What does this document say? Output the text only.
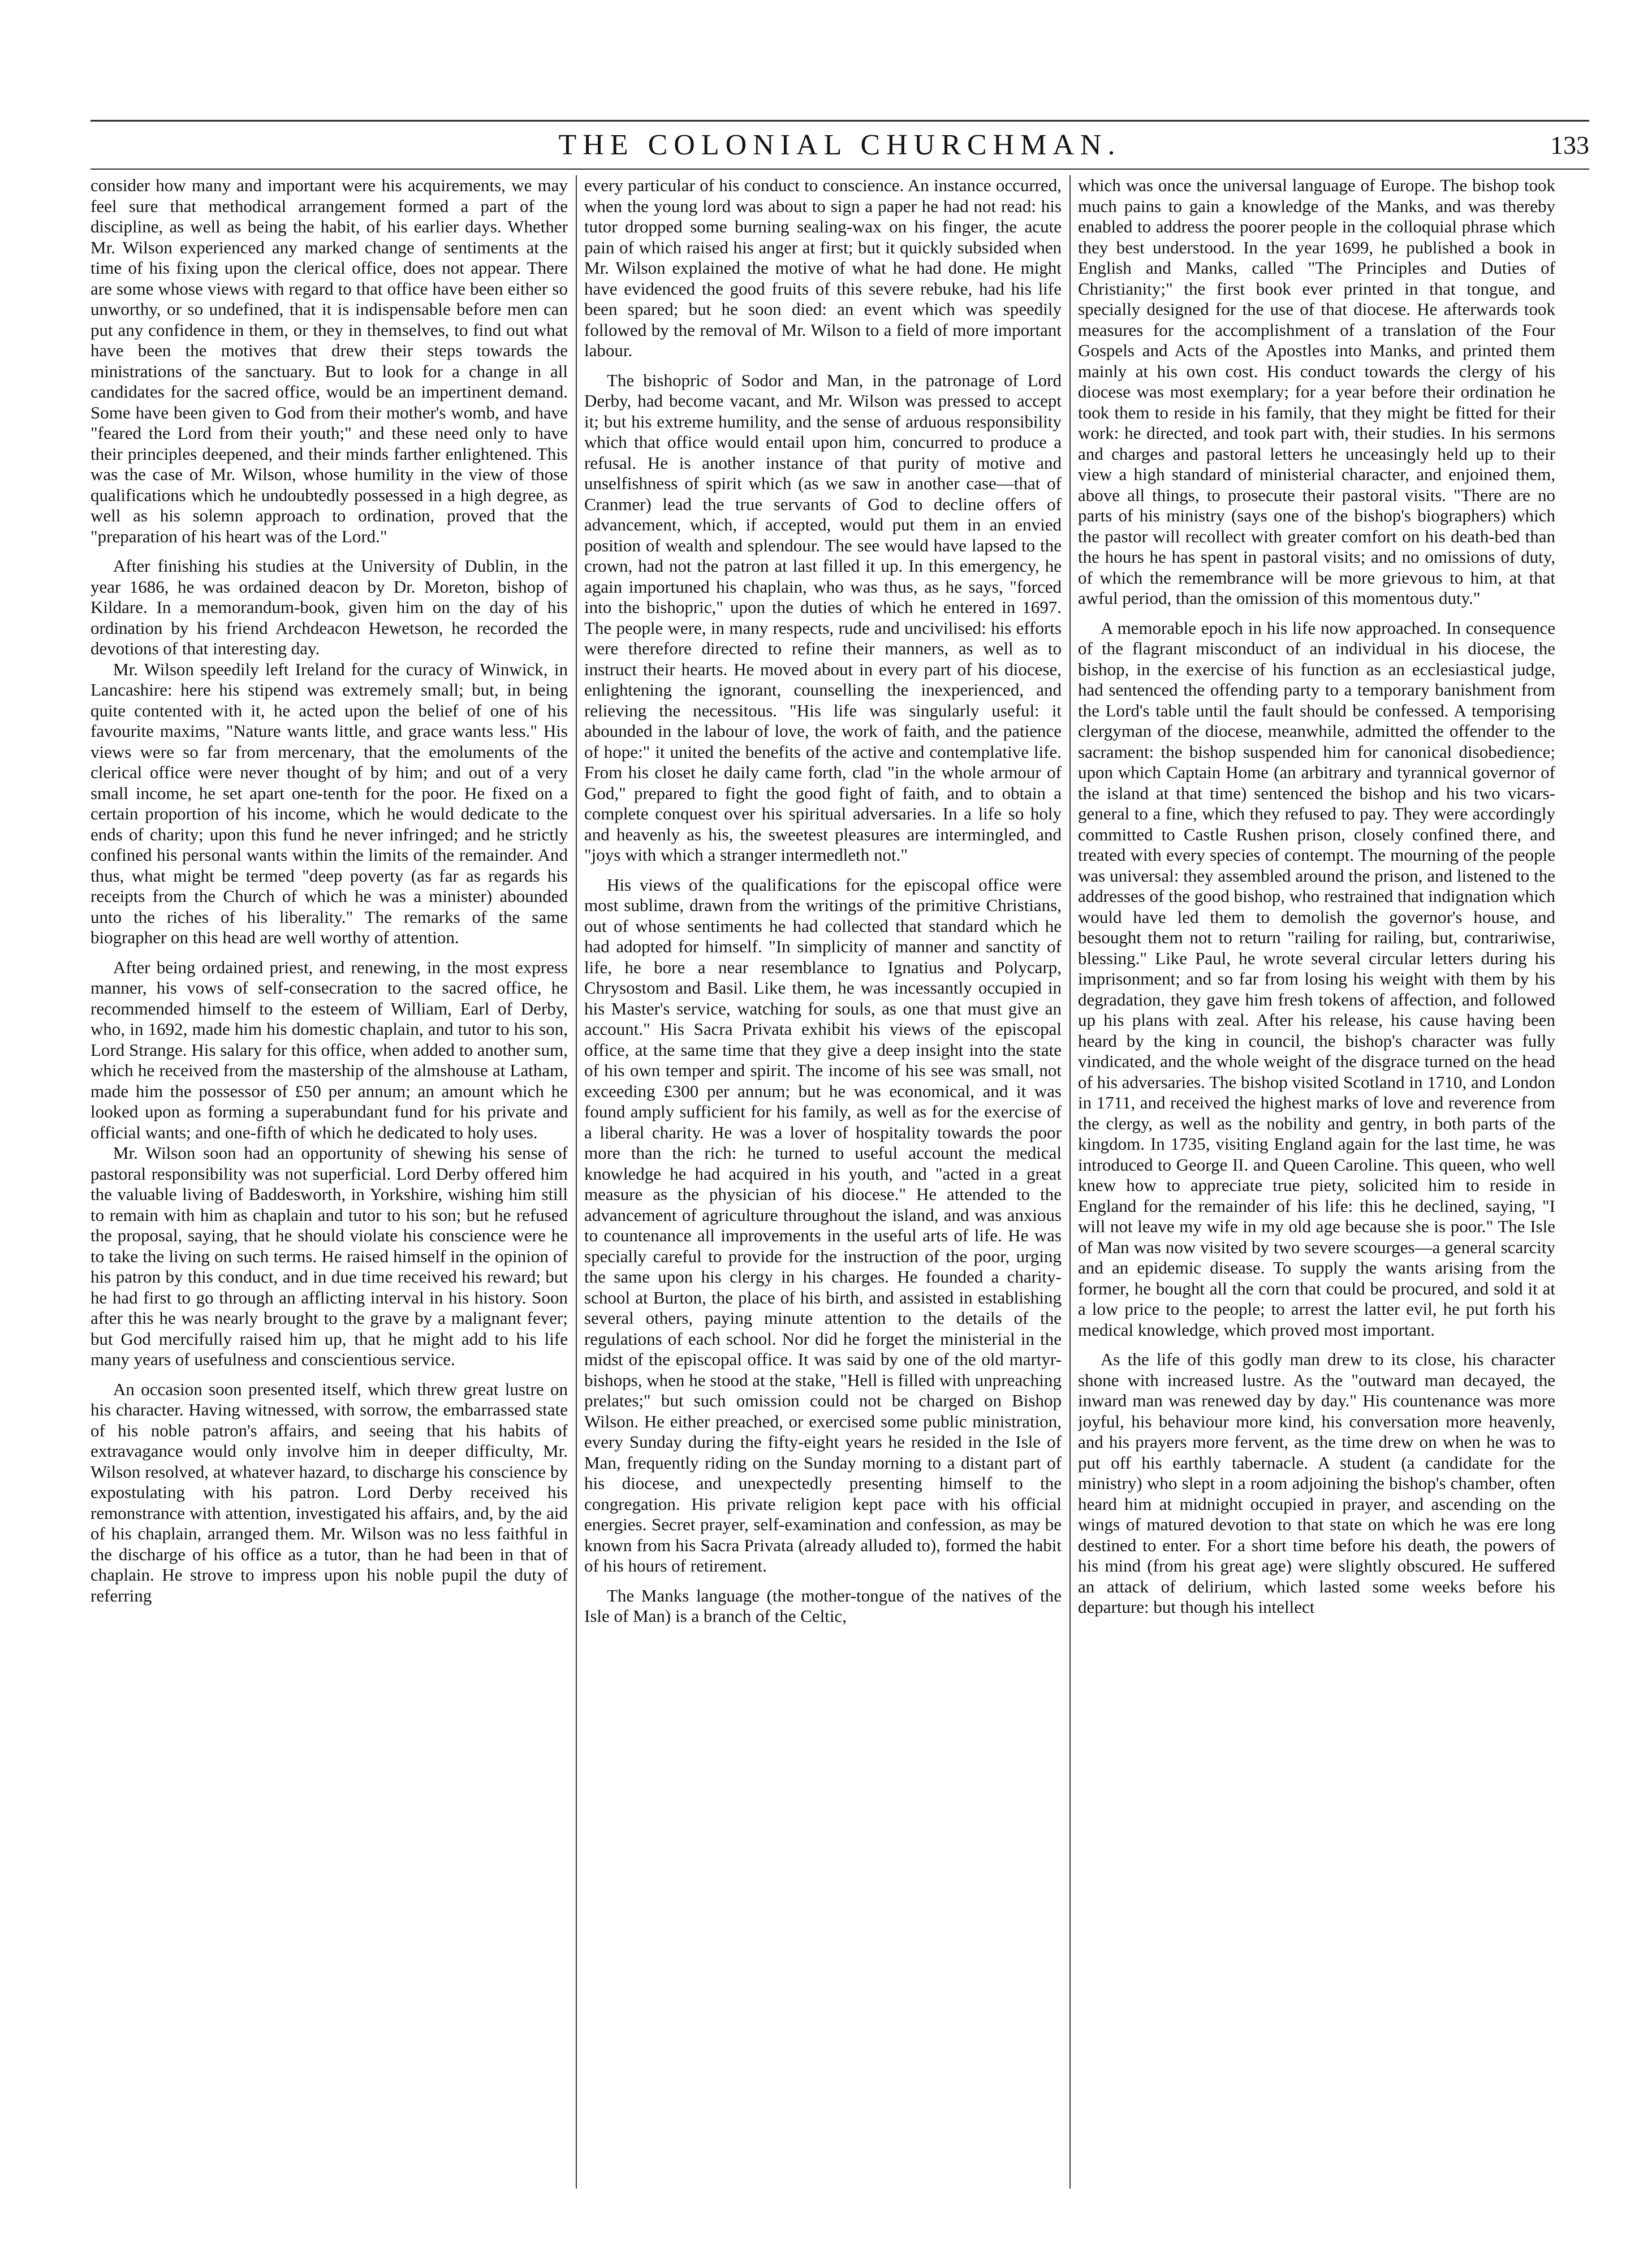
THE COLONIAL CHURCHMAN.	133

consider how many and important were his acquirements, we may feel sure that methodical arrangement formed a part of the discipline, as well as being the habit, of his earlier days. Whether Mr. Wilson experienced any marked change of sentiments at the time of his fixing upon the clerical office, does not appear. There are some whose views with regard to that office have been either so unworthy, or so undefined, that it is indispensable before men can put any confidence in them, or they in themselves, to find out what have been the motives that drew their steps towards the ministrations of the sanctuary. But to look for a change in all candidates for the sacred office, would be an impertinent demand. Some have been given to God from their mother's womb, and have "feared the Lord from their youth;" and these need only to have their principles deepened, and their minds farther enlightened. This was the case of Mr. Wilson, whose humility in the view of those qualifications which he undoubtedly possessed in a high degree, as well as his solemn approach to ordination, proved that the "preparation of his heart was of the Lord."

After finishing his studies at the University of Dublin, in the year 1686, he was ordained deacon by Dr. Moreton, bishop of Kildare. In a memorandum-book, given him on the day of his ordination by his friend Archdeacon Hewetson, he recorded the devotions of that interesting day.

Mr. Wilson speedily left Ireland for the curacy of Winwick, in Lancashire: here his stipend was extremely small; but, in being quite contented with it, he acted upon the belief of one of his favourite maxims, "Nature wants little, and grace wants less." His views were so far from mercenary, that the emoluments of the clerical office were never thought of by him; and out of a very small income, he set apart one-tenth for the poor. He fixed on a certain proportion of his income, which he would dedicate to the ends of charity; upon this fund he never infringed; and he strictly confined his personal wants within the limits of the remainder. And thus, what might be termed "deep poverty (as far as regards his receipts from the Church of which he was a minister) abounded unto the riches of his liberality." The remarks of the same biographer on this head are well worthy of attention.

After being ordained priest, and renewing, in the most express manner, his vows of self-consecration to the sacred office, he recommended himself to the esteem of William, Earl of Derby, who, in 1692, made him his domestic chaplain, and tutor to his son, Lord Strange. His salary for this office, when added to another sum, which he received from the mastership of the almshouse at Latham, made him the possessor of £50 per annum; an amount which he looked upon as forming a superabundant fund for his private and official wants; and one-fifth of which he dedicated to holy uses.

Mr. Wilson soon had an opportunity of shewing his sense of pastoral responsibility was not superficial. Lord Derby offered him the valuable living of Baddesworth, in Yorkshire, wishing him still to remain with him as chaplain and tutor to his son; but he refused the proposal, saying, that he should violate his conscience were he to take the living on such terms. He raised himself in the opinion of his patron by this conduct, and in due time received his reward; but he had first to go through an afflicting interval in his history. Soon after this he was nearly brought to the grave by a malignant fever; but God mercifully raised him up, that he might add to his life many years of usefulness and conscientious service.

An occasion soon presented itself, which threw great lustre on his character. Having witnessed, with sorrow, the embarrassed state of his noble patron's affairs, and seeing that his habits of extravagance would only involve him in deeper difficulty, Mr. Wilson resolved, at whatever hazard, to discharge his conscience by expostulating with his patron. Lord Derby received his remonstrance with attention, investigated his affairs, and, by the aid of his chaplain, arranged them. Mr. Wilson was no less faithful in the discharge of his office as a tutor, than he had been in that of chaplain. He strove to impress upon his noble pupil the duty of referring

every particular of his conduct to conscience. An instance occurred, when the young lord was about to sign a paper he had not read: his tutor dropped some burning sealing-wax on his finger, the acute pain of which raised his anger at first; but it quickly subsided when Mr. Wilson explained the motive of what he had done. He might have evidenced the good fruits of this severe rebuke, had his life been spared; but he soon died: an event which was speedily followed by the removal of Mr. Wilson to a field of more important labour.

The bishopric of Sodor and Man, in the patronage of Lord Derby, had become vacant, and Mr. Wilson was pressed to accept it; but his extreme humility, and the sense of arduous responsibility which that office would entail upon him, concurred to produce a refusal. He is another instance of that purity of motive and unselfishness of spirit which (as we saw in another case—that of Cranmer) lead the true servants of God to decline offers of advancement, which, if accepted, would put them in an envied position of wealth and splendour. The see would have lapsed to the crown, had not the patron at last filled it up. In this emergency, he again importuned his chaplain, who was thus, as he says, "forced into the bishopric," upon the duties of which he entered in 1697. The people were, in many respects, rude and uncivilised: his efforts were therefore directed to refine their manners, as well as to instruct their hearts. He moved about in every part of his diocese, enlightening the ignorant, counselling the inexperienced, and relieving the necessitous. "His life was singularly useful: it abounded in the labour of love, the work of faith, and the patience of hope:" it united the benefits of the active and contemplative life. From his closet he daily came forth, clad "in the whole armour of God," prepared to fight the good fight of faith, and to obtain a complete conquest over his spiritual adversaries. In a life so holy and heavenly as his, the sweetest pleasures are intermingled, and "joys with which a stranger intermedleth not."

His views of the qualifications for the episcopal office were most sublime, drawn from the writings of the primitive Christians, out of whose sentiments he had collected that standard which he had adopted for himself. "In simplicity of manner and sanctity of life, he bore a near resemblance to Ignatius and Polycarp, Chrysostom and Basil. Like them, he was incessantly occupied in his Master's service, watching for souls, as one that must give an account." His Sacra Privata exhibit his views of the episcopal office, at the same time that they give a deep insight into the state of his own temper and spirit. The income of his see was small, not exceeding £300 per annum; but he was economical, and it was found amply sufficient for his family, as well as for the exercise of a liberal charity. He was a lover of hospitality towards the poor more than the rich: he turned to useful account the medical knowledge he had acquired in his youth, and "acted in a great measure as the physician of his diocese." He attended to the advancement of agriculture throughout the island, and was anxious to countenance all improvements in the useful arts of life. He was specially careful to provide for the instruction of the poor, urging the same upon his clergy in his charges. He founded a charity-school at Burton, the place of his birth, and assisted in establishing several others, paying minute attention to the details of the regulations of each school. Nor did he forget the ministerial in the midst of the episcopal office. It was said by one of the old martyr-bishops, when he stood at the stake, "Hell is filled with unpreaching prelates;" but such omission could not be charged on Bishop Wilson. He either preached, or exercised some public ministration, every Sunday during the fifty-eight years he resided in the Isle of Man, frequently riding on the Sunday morning to a distant part of his diocese, and unexpectedly presenting himself to the congregation. His private religion kept pace with his official energies. Secret prayer, self-examination and confession, as may be known from his Sacra Privata (already alluded to), formed the habit of his hours of retirement.

The Manks language (the mother-tongue of the natives of the Isle of Man) is a branch of the Celtic,

which was once the universal language of Europe. The bishop took much pains to gain a knowledge of the Manks, and was thereby enabled to address the poorer people in the colloquial phrase which they best understood. In the year 1699, he published a book in English and Manks, called "The Principles and Duties of Christianity;" the first book ever printed in that tongue, and specially designed for the use of that diocese. He afterwards took measures for the accomplishment of a translation of the Four Gospels and Acts of the Apostles into Manks, and printed them mainly at his own cost. His conduct towards the clergy of his diocese was most exemplary; for a year before their ordination he took them to reside in his family, that they might be fitted for their work: he directed, and took part with, their studies. In his sermons and charges and pastoral letters he unceasingly held up to their view a high standard of ministerial character, and enjoined them, above all things, to prosecute their pastoral visits. "There are no parts of his ministry (says one of the bishop's biographers) which the pastor will recollect with greater comfort on his death-bed than the hours he has spent in pastoral visits; and no omissions of duty, of which the remembrance will be more grievous to him, at that awful period, than the omission of this momentous duty."

A memorable epoch in his life now approached. In consequence of the flagrant misconduct of an individual in his diocese, the bishop, in the exercise of his function as an ecclesiastical judge, had sentenced the offending party to a temporary banishment from the Lord's table until the fault should be confessed. A temporising clergyman of the diocese, meanwhile, admitted the offender to the sacrament: the bishop suspended him for canonical disobedience; upon which Captain Home (an arbitrary and tyrannical governor of the island at that time) sentenced the bishop and his two vicars-general to a fine, which they refused to pay. They were accordingly committed to Castle Rushen prison, closely confined there, and treated with every species of contempt. The mourning of the people was universal: they assembled around the prison, and listened to the addresses of the good bishop, who restrained that indignation which would have led them to demolish the governor's house, and besought them not to return "railing for railing, but, contrariwise, blessing." Like Paul, he wrote several circular letters during his imprisonment; and so far from losing his weight with them by his degradation, they gave him fresh tokens of affection, and followed up his plans with zeal. After his release, his cause having been heard by the king in council, the bishop's character was fully vindicated, and the whole weight of the disgrace turned on the head of his adversaries. The bishop visited Scotland in 1710, and London in 1711, and received the highest marks of love and reverence from the clergy, as well as the nobility and gentry, in both parts of the kingdom. In 1735, visiting England again for the last time, he was introduced to George II. and Queen Caroline. This queen, who well knew how to appreciate true piety, solicited him to reside in England for the remainder of his life: this he declined, saying, "I will not leave my wife in my old age because she is poor." The Isle of Man was now visited by two severe scourges—a general scarcity and an epidemic disease. To supply the wants arising from the former, he bought all the corn that could be procured, and sold it at a low price to the people; to arrest the latter evil, he put forth his medical knowledge, which proved most important.

As the life of this godly man drew to its close, his character shone with increased lustre. As the "outward man decayed, the inward man was renewed day by day." His countenance was more joyful, his behaviour more kind, his conversation more heavenly, and his prayers more fervent, as the time drew on when he was to put off his earthly tabernacle. A student (a candidate for the ministry) who slept in a room adjoining the bishop's chamber, often heard him at midnight occupied in prayer, and ascending on the wings of matured devotion to that state on which he was ere long destined to enter. For a short time before his death, the powers of his mind (from his great age) were slightly obscured. He suffered an attack of delirium, which lasted some weeks before his departure: but though his intellect
